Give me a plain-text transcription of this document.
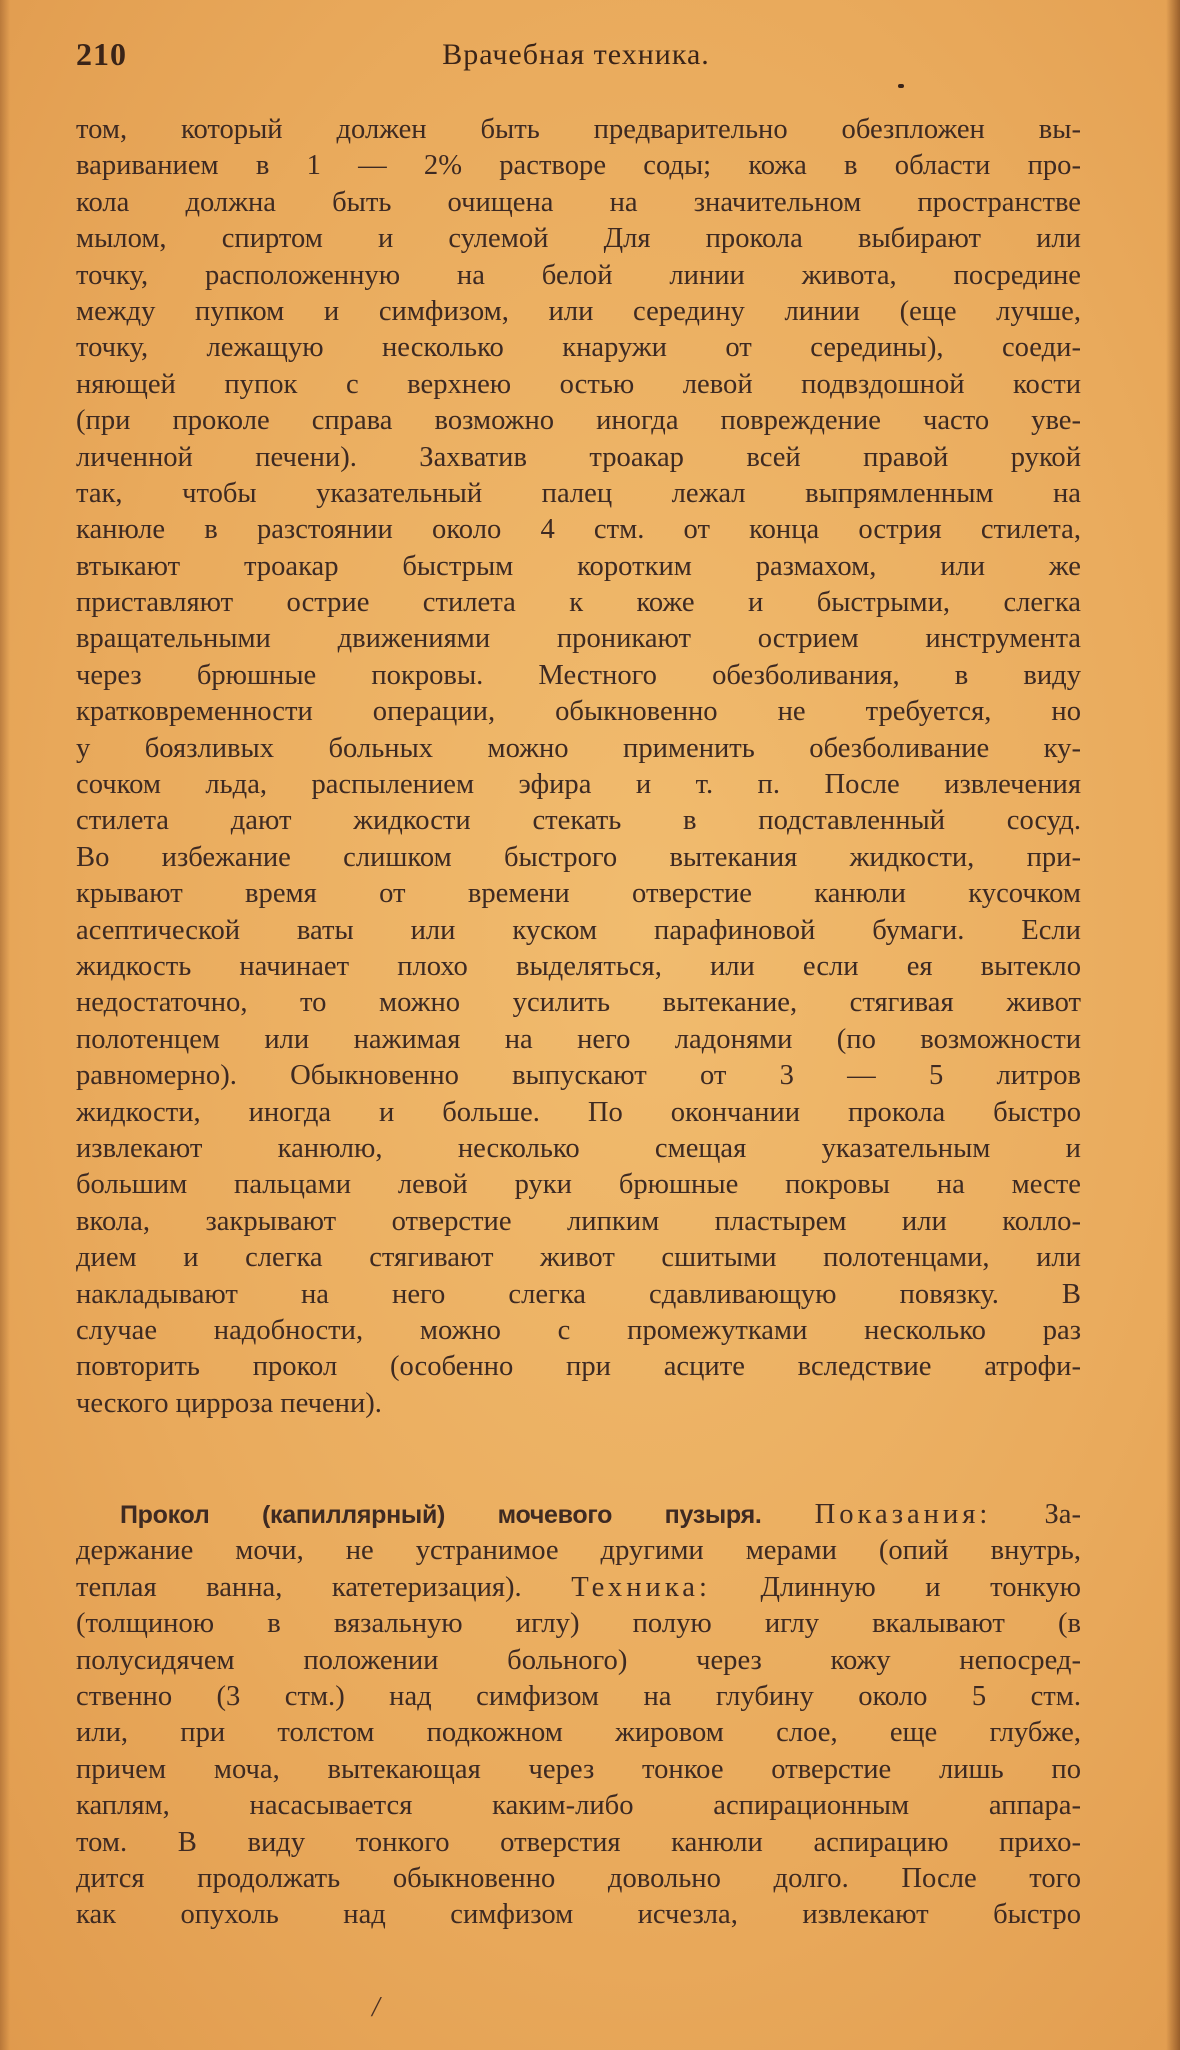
210	Врачебная техника.
том, который должен быть предварительно обезпложен вы-
вариванием в 1 — 2% растворе соды; кожа в области про-
кола должна быть очищена на значительном пространстве
мылом, спиртом и сулемой Для прокола выбирают или
точку, расположенную на белой линии живота, посредине
между пупком и симфизом, или середину линии (еще лучше,
точку, лежащую несколько кнаружи от середины), соеди-
няющей пупок с верхнею остью левой подвздошной кости
(при проколе справа возможно иногда повреждение часто уве-
личенной печени). Захватив троакар всей правой рукой
так, чтобы указательный палец лежал выпрямленным на
канюле в разстоянии около 4 стм. от конца острия стилета,
втыкают троакар быстрым коротким размахом, или же
приставляют острие стилета к коже и быстрыми, слегка
вращательными движениями проникают острием инструмента
через брюшные покровы. Местного обезболивания, в виду
кратковременности операции, обыкновенно не требуется, но
у боязливых больных можно применить обезболивание ку-
сочком льда, распылением эфира и т. п. После извлечения
стилета дают жидкости стекать в подставленный сосуд.
Во избежание слишком быстрого вытекания жидкости, при-
крывают время от времени отверстие канюли кусочком
асептической ваты или куском парафиновой бумаги. Если
жидкость начинает плохо выделяться, или если ея вытекло
недостаточно, то можно усилить вытекание, стягивая живот
полотенцем или нажимая на него ладонями (по возможности
равномерно). Обыкновенно выпускают от 3 — 5 литров
жидкости, иногда и больше. По окончании прокола быстро
извлекают канюлю, несколько смещая указательным и
большим пальцами левой руки брюшные покровы на месте
вкола, закрывают отверстие липким пластырем или колло-
дием и слегка стягивают живот сшитыми полотенцами, или
накладывают на него слегка сдавливающую повязку. В
случае надобности, можно с промежутками несколько раз
повторить прокол (особенно при асците вследствие атрофи-
ческого цирроза печени).
Прокол (капиллярный) мочевого пузыря. Показания: За-
держание мочи, не устранимое другими мерами (опий внутрь,
теплая ванна, катетеризация). Техника: Длинную и тонкую
(толщиною в вязальную иглу) полую иглу вкалывают (в
полусидячем положении больного) через кожу непосред-
ственно (3 стм.) над симфизом на глубину около 5 стм.
или, при толстом подкожном жировом слое, еще глубже,
причем моча, вытекающая через тонкое отверстие лишь по
каплям, насасывается каким-либо аспирационным аппара-
том. В виду тонкого отверстия канюли аспирацию прихо-
дится продолжать обыкновенно довольно долго. После того
как опухоль над симфизом исчезла, извлекают быстро
/
